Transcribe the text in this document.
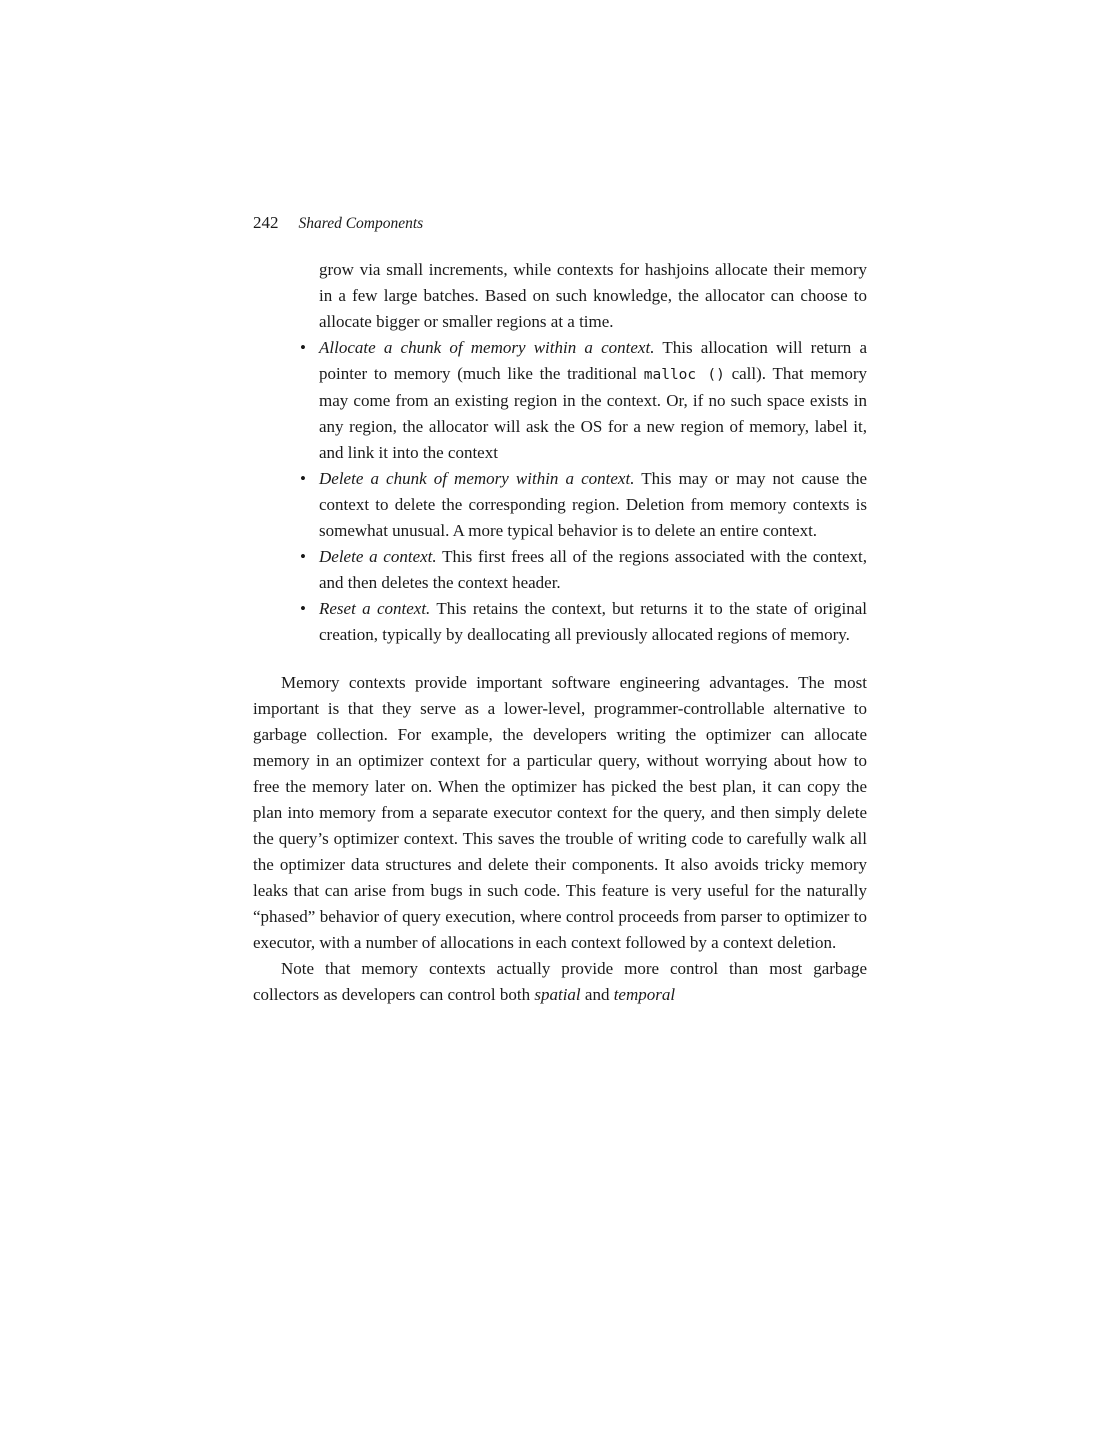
242 Shared Components

grow via small increments, while contexts for hashjoins allocate their memory in a few large batches. Based on such knowledge, the allocator can choose to allocate bigger or smaller regions at a time.

•

Allocate a chunk of memory within a context. This allocation will return a pointer to memory (much like the traditional malloc () call). That memory may come from an existing region in the context. Or, if no such space exists in any region, the allocator will ask the OS for a new region of memory, label it, and link it into the context

•

Delete a chunk of memory within a context. This may or may not cause the context to delete the corresponding region. Deletion from memory contexts is somewhat unusual. A more typical behavior is to delete an entire context.

•

Delete a context. This first frees all of the regions associated with the context, and then deletes the context header.

•

Reset a context. This retains the context, but returns it to the state of original creation, typically by deallocating all previously allocated regions of memory.

Memory contexts provide important software engineering advantages. The most important is that they serve as a lower-level, programmer-controllable alternative to garbage collection. For example, the developers writing the optimizer can allocate memory in an optimizer context for a particular query, without worrying about how to free the memory later on. When the optimizer has picked the best plan, it can copy the plan into memory from a separate executor context for the query, and then simply delete the query’s optimizer context. This saves the trouble of writing code to carefully walk all the optimizer data structures and delete their components. It also avoids tricky memory leaks that can arise from bugs in such code. This feature is very useful for the naturally “phased” behavior of query execution, where control proceeds from parser to optimizer to executor, with a number of allocations in each context followed by a context deletion.

Note that memory contexts actually provide more control than most garbage collectors as developers can control both spatial and temporal
